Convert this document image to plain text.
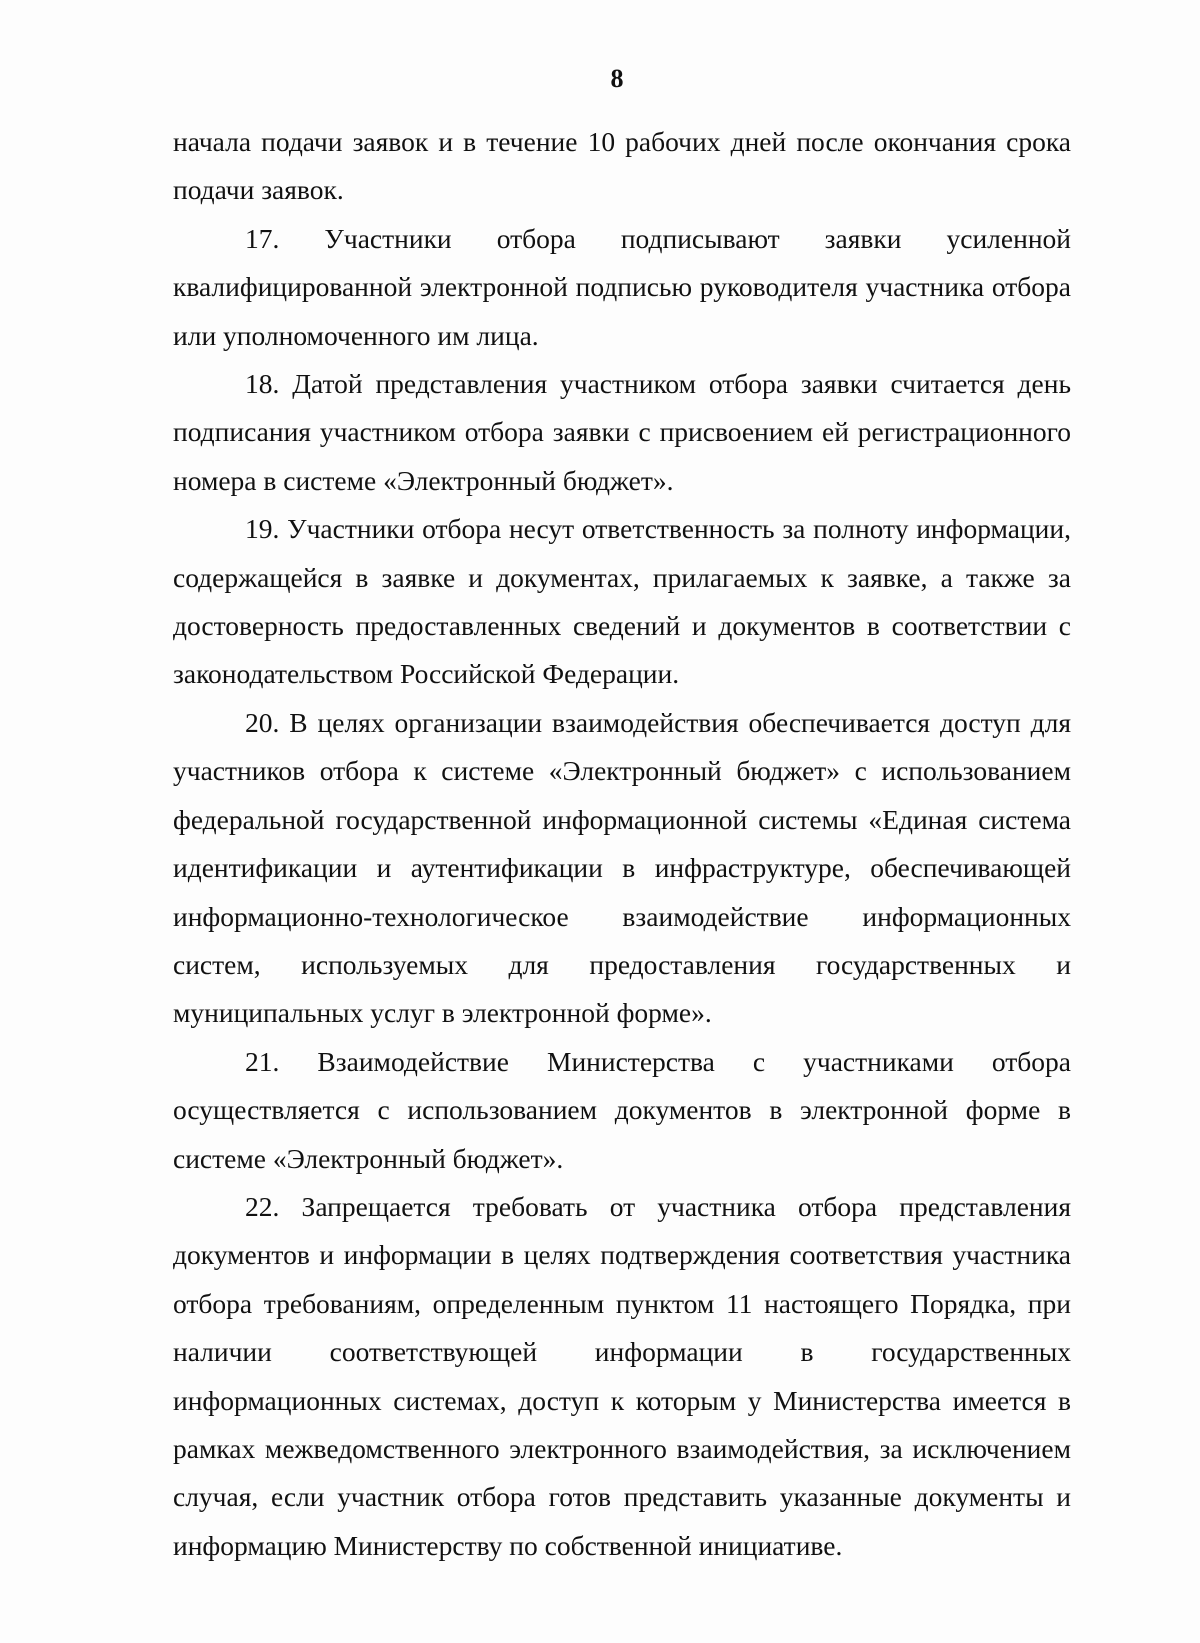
8

начала подачи заявок и в течение 10 рабочих дней после окончания срока подачи заявок.

17. Участники отбора подписывают заявки усиленной квалифицированной электронной подписью руководителя участника отбора или уполномоченного им лица.

18. Датой представления участником отбора заявки считается день подписания участником отбора заявки с присвоением ей регистрационного номера в системе «Электронный бюджет».

19. Участники отбора несут ответственность за полноту информации, содержащейся в заявке и документах, прилагаемых к заявке, а также за достоверность предоставленных сведений и документов в соответствии с законодательством Российской Федерации.

20. В целях организации взаимодействия обеспечивается доступ для участников отбора к системе «Электронный бюджет» с использованием федеральной государственной информационной системы «Единая система идентификации и аутентификации в инфраструктуре, обеспечивающей информационно-технологическое взаимодействие информационных систем, используемых для предоставления государственных и муниципальных услуг в электронной форме».

21. Взаимодействие Министерства с участниками отбора осуществляется с использованием документов в электронной форме в системе «Электронный бюджет».

22. Запрещается требовать от участника отбора представления документов и информации в целях подтверждения соответствия участника отбора требованиям, определенным пунктом 11 настоящего Порядка, при наличии соответствующей информации в государственных информационных системах, доступ к которым у Министерства имеется в рамках межведомственного электронного взаимодействия, за исключением случая, если участник отбора готов представить указанные документы и информацию Министерству по собственной инициативе.
